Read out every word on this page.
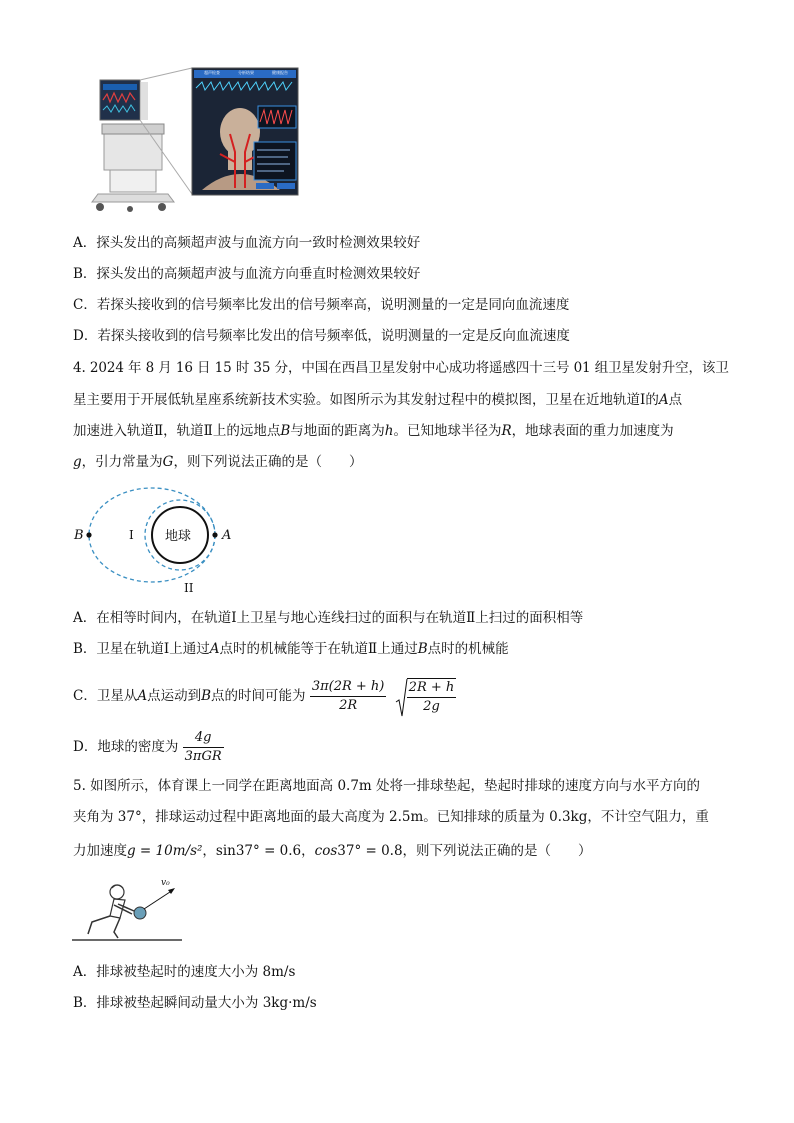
超声检查	分析结果	健康报告
A．探头发出的高频超声波与血流方向一致时检测效果较好
B．探头发出的高频超声波与血流方向垂直时检测效果较好
C．若探头接收到的信号频率比发出的信号频率高，说明测量的一定是同向血流速度
D．若探头接收到的信号频率比发出的信号频率低，说明测量的一定是反向血流速度
4. 2024 年 8 月 16 日 15 时 35 分，中国在西昌卫星发射中心成功将遥感四十三号 01 组卫星发射升空，该卫
星主要用于开展低轨星座系统新技术实验。如图所示为其发射过程中的模拟图，卫星在近地轨道Ⅰ的A点
加速进入轨道Ⅱ，轨道Ⅱ上的远地点B与地面的距离为h。已知地球半径为R，地球表面的重力加速度为
g，引力常量为G，则下列说法正确的是（　　）
地球
B	A
I
II
A．在相等时间内，在轨道Ⅰ上卫星与地心连线扫过的面积与在轨道Ⅱ上扫过的面积相等
B．卫星在轨道Ⅰ上通过A点时的机械能等于在轨道Ⅱ上通过B点时的机械能
C．卫星从A点运动到B点的时间可能为 $\frac{3\pi(2R + h)}{2R}$
$\frac{2R + h}{2g}$
D．地球的密度为 $\frac{4g}{\text{3πGR}}$
5. 如图所示，体育课上一同学在距离地面高 0.7m 处将一排球垫起，垫起时排球的速度方向与水平方向的
夹角为 37°，排球运动过程中距离地面的最大高度为 2.5m。已知排球的质量为 0.3kg，不计空气阻力，重
力加速度g = 10m/s²，sin37° = 0.6，cos37° = 0.8，则下列说法正确的是（　　）
v₀
A．排球被垫起时的速度大小为 8m/s
B．排球被垫起瞬间动量大小为 3kg·m/s
